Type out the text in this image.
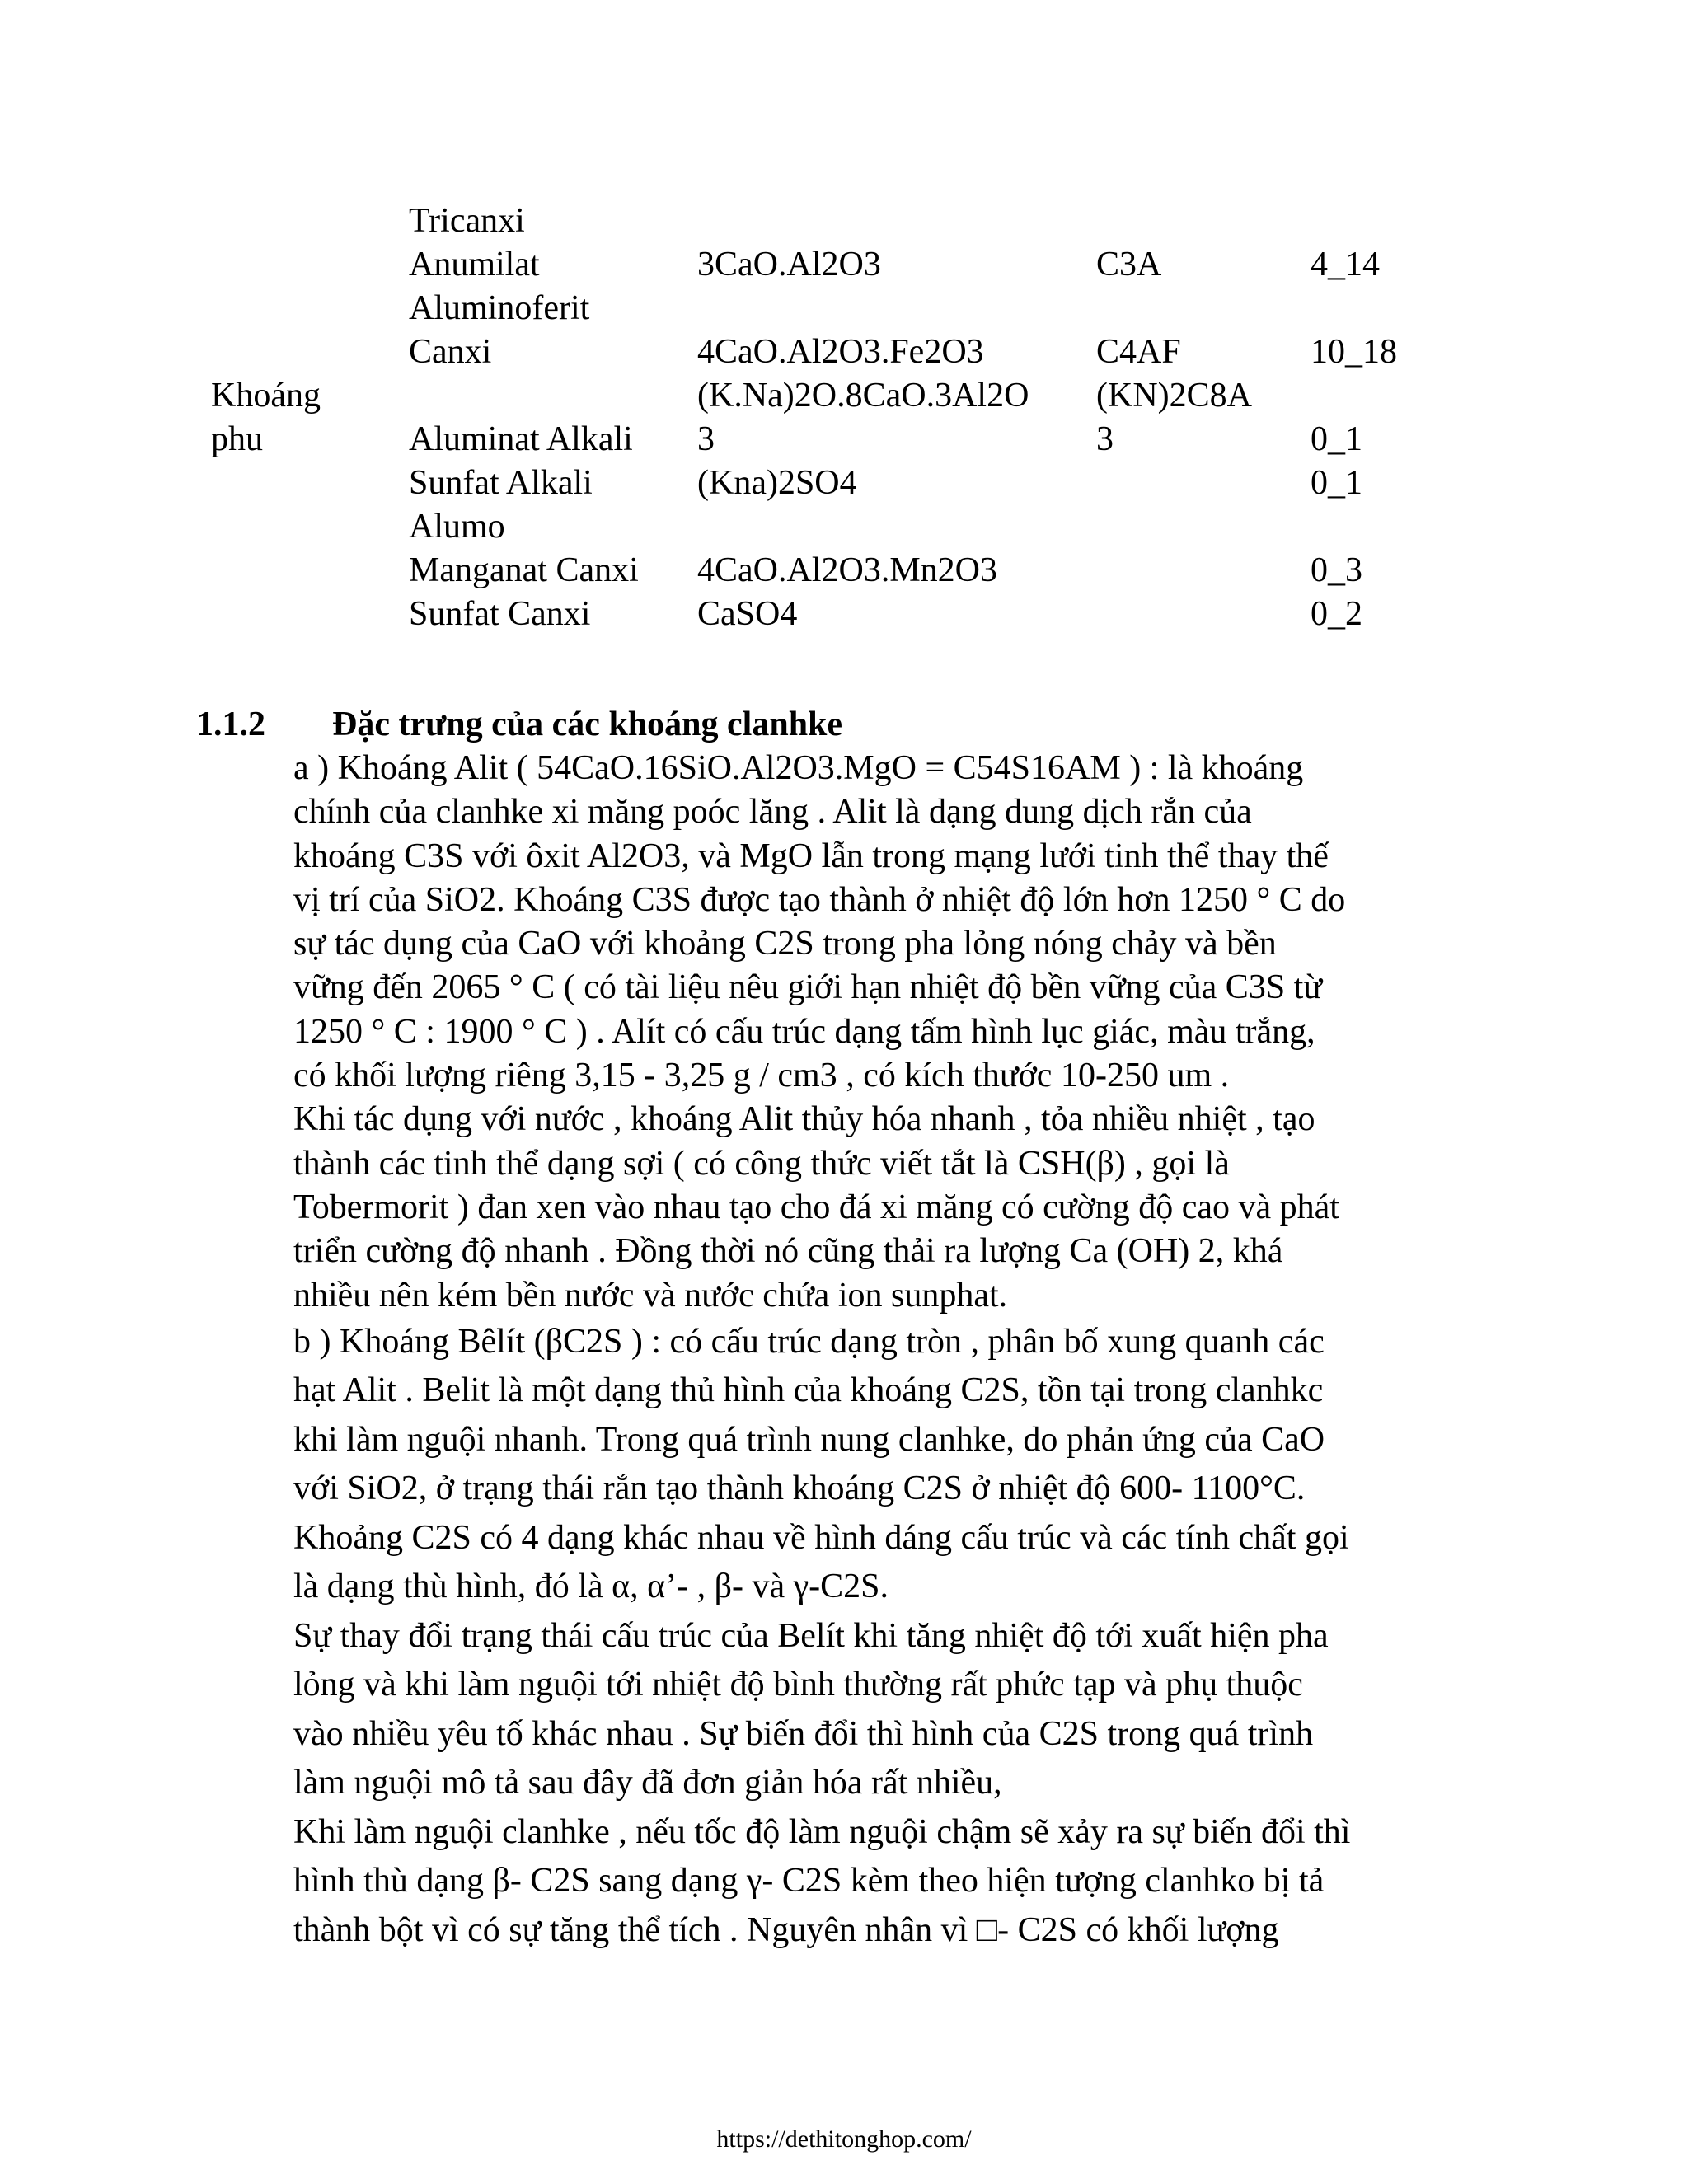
Khoáng
phu
Tricanxi
Anumilat
Aluminoferit
Canxi

Aluminat Alkali
Sunfat Alkali
Alumo
Manganat Canxi
Sunfat Canxi

3CaO.Al2O3

4CaO.Al2O3.Fe2O3
(K.Na)2O.8CaO.3Al2O
3
(Kna)2SO4

4CaO.Al2O3.Mn2O3
CaSO4

C3A

C4AF
(KN)2C8A
3

4_14

10_18

0_1
0_1

0_3
0_2
1.1.2 Đặc trưng của các khoáng clanhke

a ) Khoáng Alit ( 54CaO.16SiO.Al2O3.MgO = C54S16AM ) : là khoáng
chính của clanhke xi măng poóc lăng . Alit là dạng dung dịch rắn của
khoáng C3S với ôxit Al2O3, và MgO lẫn trong mạng lưới tinh thể thay thế
vị trí của SiO2. Khoáng C3S được tạo thành ở nhiệt độ lớn hơn 1250 ° C do
sự tác dụng của CaO với khoảng C2S trong pha lỏng nóng chảy và bền
vững đến 2065 ° C ( có tài liệu nêu giới hạn nhiệt độ bền vững của C3S từ
1250 ° C : 1900 ° C ) . Alít có cấu trúc dạng tấm hình lục giác, màu trắng,
có khối lượng riêng 3,15 - 3,25 g / cm3 , có kích thước 10-250 um .

Khi tác dụng với nước , khoáng Alit thủy hóa nhanh , tỏa nhiều nhiệt , tạo
thành các tinh thể dạng sợi ( có công thức viết tắt là CSH(β) , gọi là
Tobermorit ) đan xen vào nhau tạo cho đá xi măng có cường độ cao và phát
triển cường độ nhanh . Đồng thời nó cũng thải ra lượng Ca (OH) 2, khá
nhiều nên kém bền nước và nước chứa ion sunphat.

b ) Khoáng Bêlít (βC2S ) : có cấu trúc dạng tròn , phân bố xung quanh các
hạt Alit . Belit là một dạng thủ hình của khoáng C2S, tồn tại trong clanhkc
khi làm nguội nhanh. Trong quá trình nung clanhke, do phản ứng của CaO
với SiO2, ở trạng thái rắn tạo thành khoáng C2S ở nhiệt độ 600- 1100°C.
Khoảng C2S có 4 dạng khác nhau về hình dáng cấu trúc và các tính chất gọi
là dạng thù hình, đó là α, α’- , β- và γ-C2S.

Sự thay đổi trạng thái cấu trúc của Belít khi tăng nhiệt độ tới xuất hiện pha
lỏng và khi làm nguội tới nhiệt độ bình thường rất phức tạp và phụ thuộc
vào nhiều yêu tố khác nhau . Sự biến đổi thì hình của C2S trong quá trình
làm nguội mô tả sau đây đã đơn giản hóa rất nhiều,

Khi làm nguội clanhke , nếu tốc độ làm nguội chậm sẽ xảy ra sự biến đổi thì
hình thù dạng β- C2S sang dạng γ- C2S kèm theo hiện tượng clanhko bị tả
thành bột vì có sự tăng thể tích . Nguyên nhân vì □- C2S có khối lượng

https://dethitonghop.com/
